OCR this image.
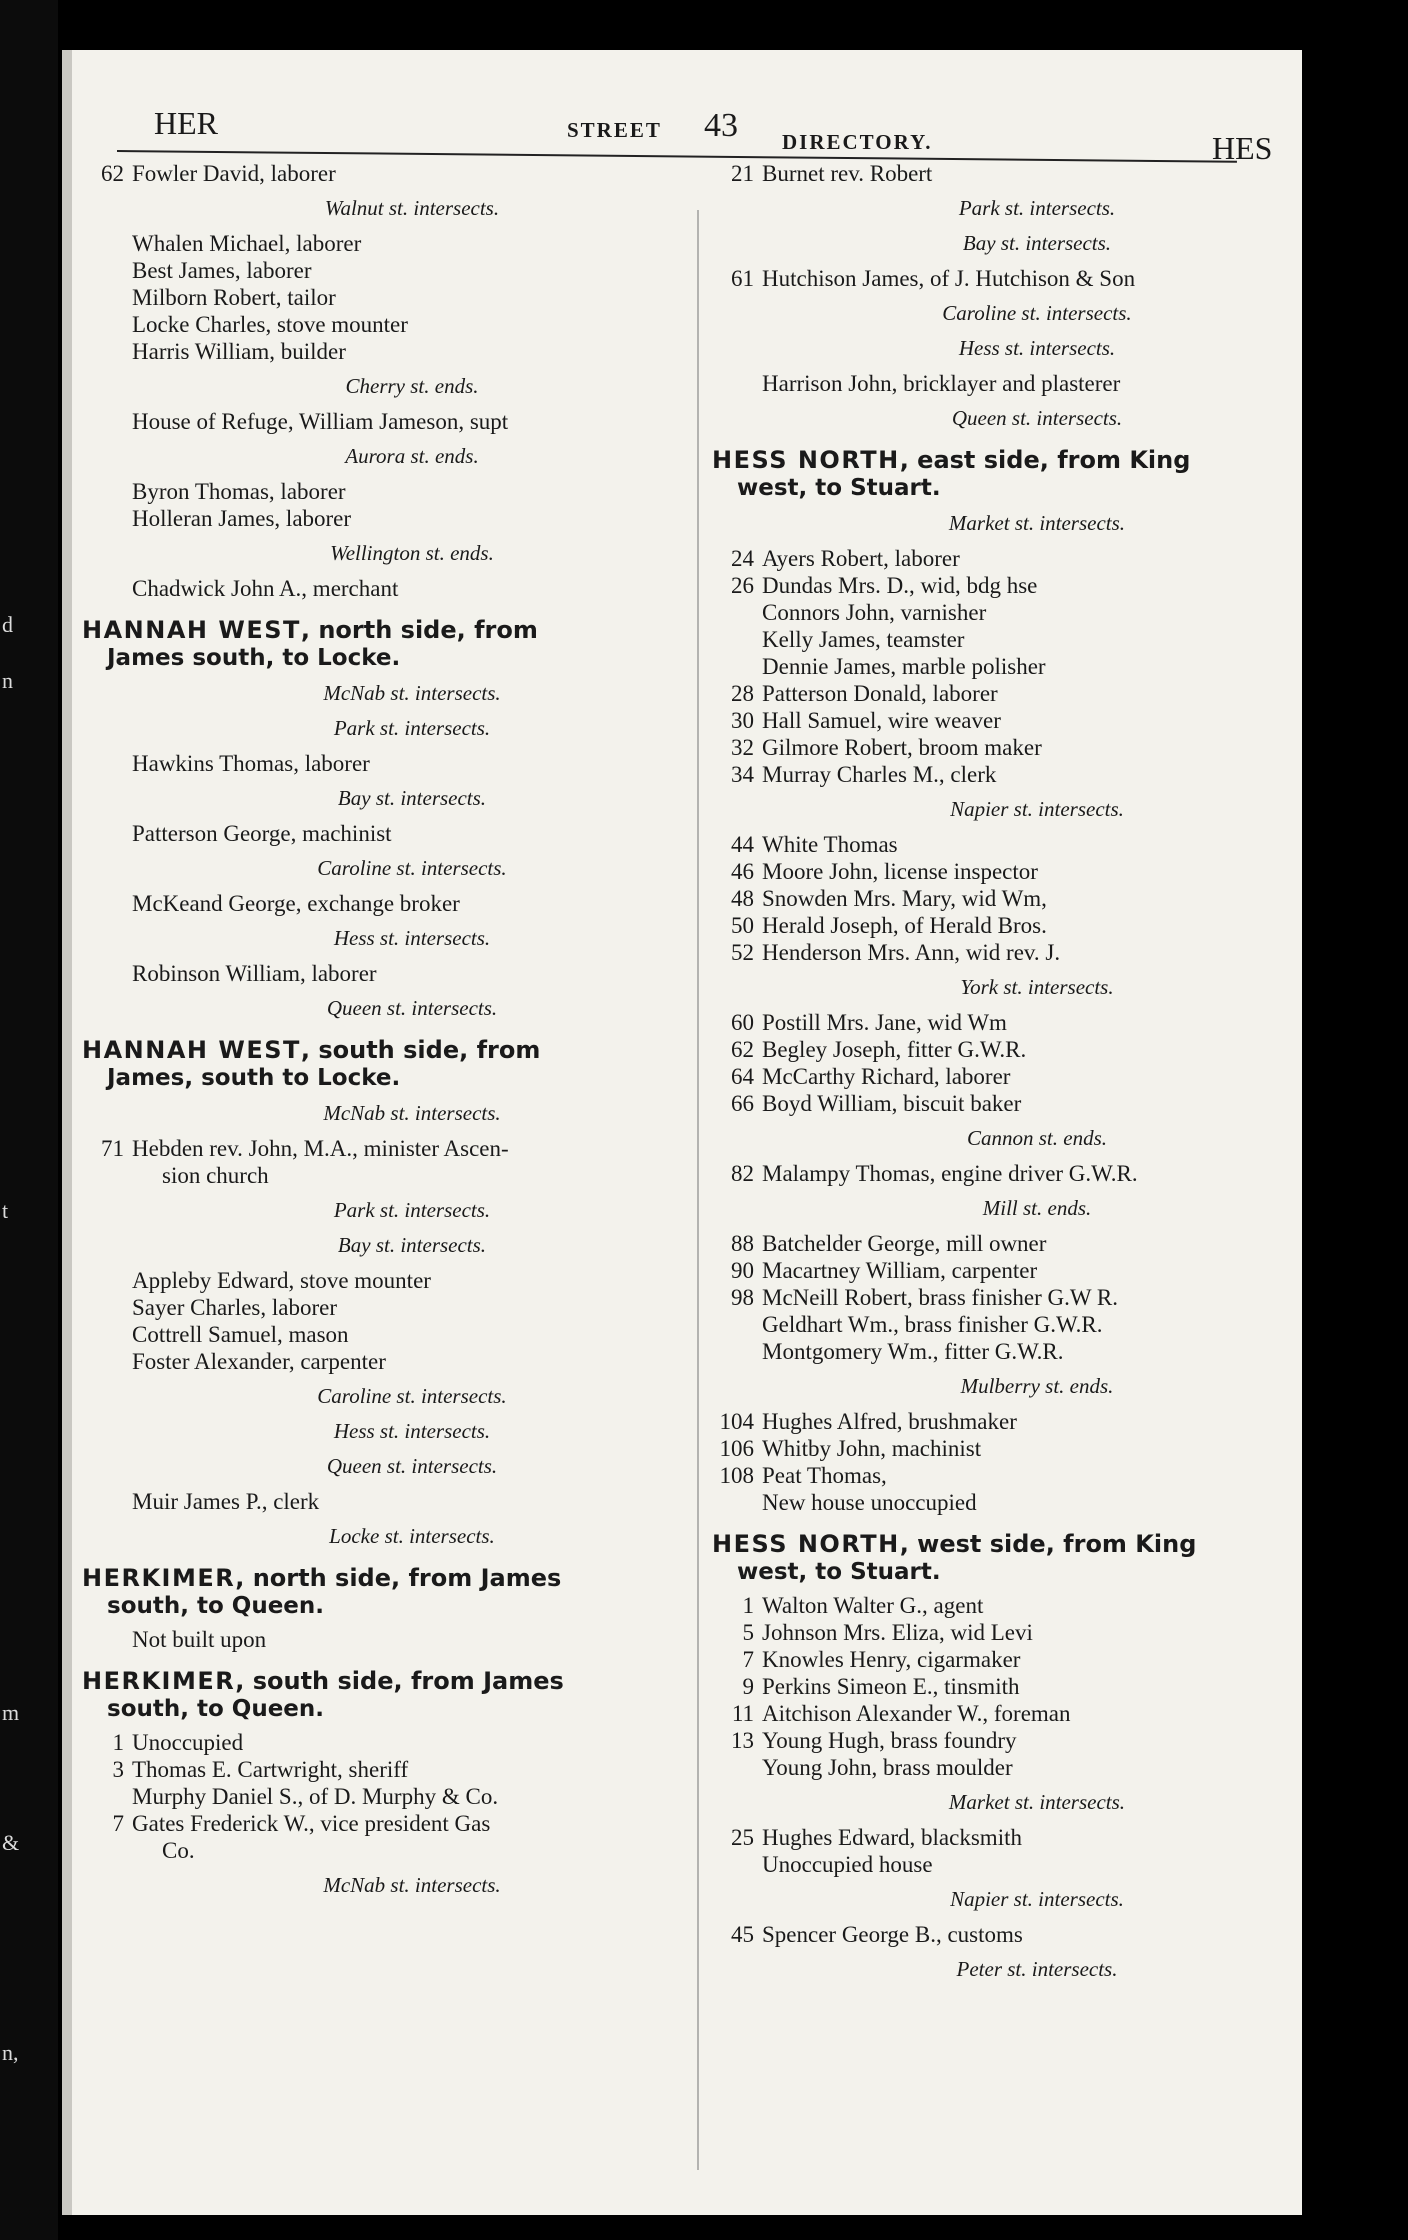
d
n
t
m
&
n,
HER	STREET 43 DIRECTORY.	HES
62 Fowler David, laborer
Walnut st. intersects.
Whalen Michael, laborer
Best James, laborer
Milborn Robert, tailor
Locke Charles, stove mounter
Harris William, builder
Cherry st. ends.
House of Refuge, William Jameson, supt
Aurora st. ends.
Byron Thomas, laborer
Holleran James, laborer
Wellington st. ends.
Chadwick John A., merchant
HANNAH WEST, north side, from
James south, to Locke.
McNab st. intersects.
Park st. intersects.
Hawkins Thomas, laborer
Bay st. intersects.
Patterson George, machinist
Caroline st. intersects.
McKeand George, exchange broker
Hess st. intersects.
Robinson William, laborer
Queen st. intersects.
HANNAH WEST, south side, from
James, south to Locke.
McNab st. intersects.
71 Hebden rev. John, M.A., minister Ascen-
sion church
Park st. intersects.
Bay st. intersects.
Appleby Edward, stove mounter
Sayer Charles, laborer
Cottrell Samuel, mason
Foster Alexander, carpenter
Caroline st. intersects.
Hess st. intersects.
Queen st. intersects.
Muir James P., clerk
Locke st. intersects.
HERKIMER, north side, from James
south, to Queen.
Not built upon
HERKIMER, south side, from James
south, to Queen.
1 Unoccupied
3 Thomas E. Cartwright, sheriff
Murphy Daniel S., of D. Murphy & Co.
7 Gates Frederick W., vice president Gas
Co.
McNab st. intersects.
21 Burnet rev. Robert
Park st. intersects.
Bay st. intersects.
61 Hutchison James, of J. Hutchison & Son
Caroline st. intersects.
Hess st. intersects.
Harrison John, bricklayer and plasterer
Queen st. intersects.
HESS NORTH, east side, from King
west, to Stuart.
Market st. intersects.
24 Ayers Robert, laborer
26 Dundas Mrs. D., wid, bdg hse
Connors John, varnisher
Kelly James, teamster
Dennie James, marble polisher
28 Patterson Donald, laborer
30 Hall Samuel, wire weaver
32 Gilmore Robert, broom maker
34 Murray Charles M., clerk
Napier st. intersects.
44 White Thomas
46 Moore John, license inspector
48 Snowden Mrs. Mary, wid Wm,
50 Herald Joseph, of Herald Bros.
52 Henderson Mrs. Ann, wid rev. J.
York st. intersects.
60 Postill Mrs. Jane, wid Wm
62 Begley Joseph, fitter G.W.R.
64 McCarthy Richard, laborer
66 Boyd William, biscuit baker
Cannon st. ends.
82 Malampy Thomas, engine driver G.W.R.
Mill st. ends.
88 Batchelder George, mill owner
90 Macartney William, carpenter
98 McNeill Robert, brass finisher G.W R.
Geldhart Wm., brass finisher G.W.R.
Montgomery Wm., fitter G.W.R.
Mulberry st. ends.
104 Hughes Alfred, brushmaker
106 Whitby John, machinist
108 Peat Thomas,
New house unoccupied
HESS NORTH, west side, from King
west, to Stuart.
1 Walton Walter G., agent
5 Johnson Mrs. Eliza, wid Levi
7 Knowles Henry, cigarmaker
9 Perkins Simeon E., tinsmith
11 Aitchison Alexander W., foreman
13 Young Hugh, brass foundry
Young John, brass moulder
Market st. intersects.
25 Hughes Edward, blacksmith
Unoccupied house
Napier st. intersects.
45 Spencer George B., customs
Peter st. intersects.
